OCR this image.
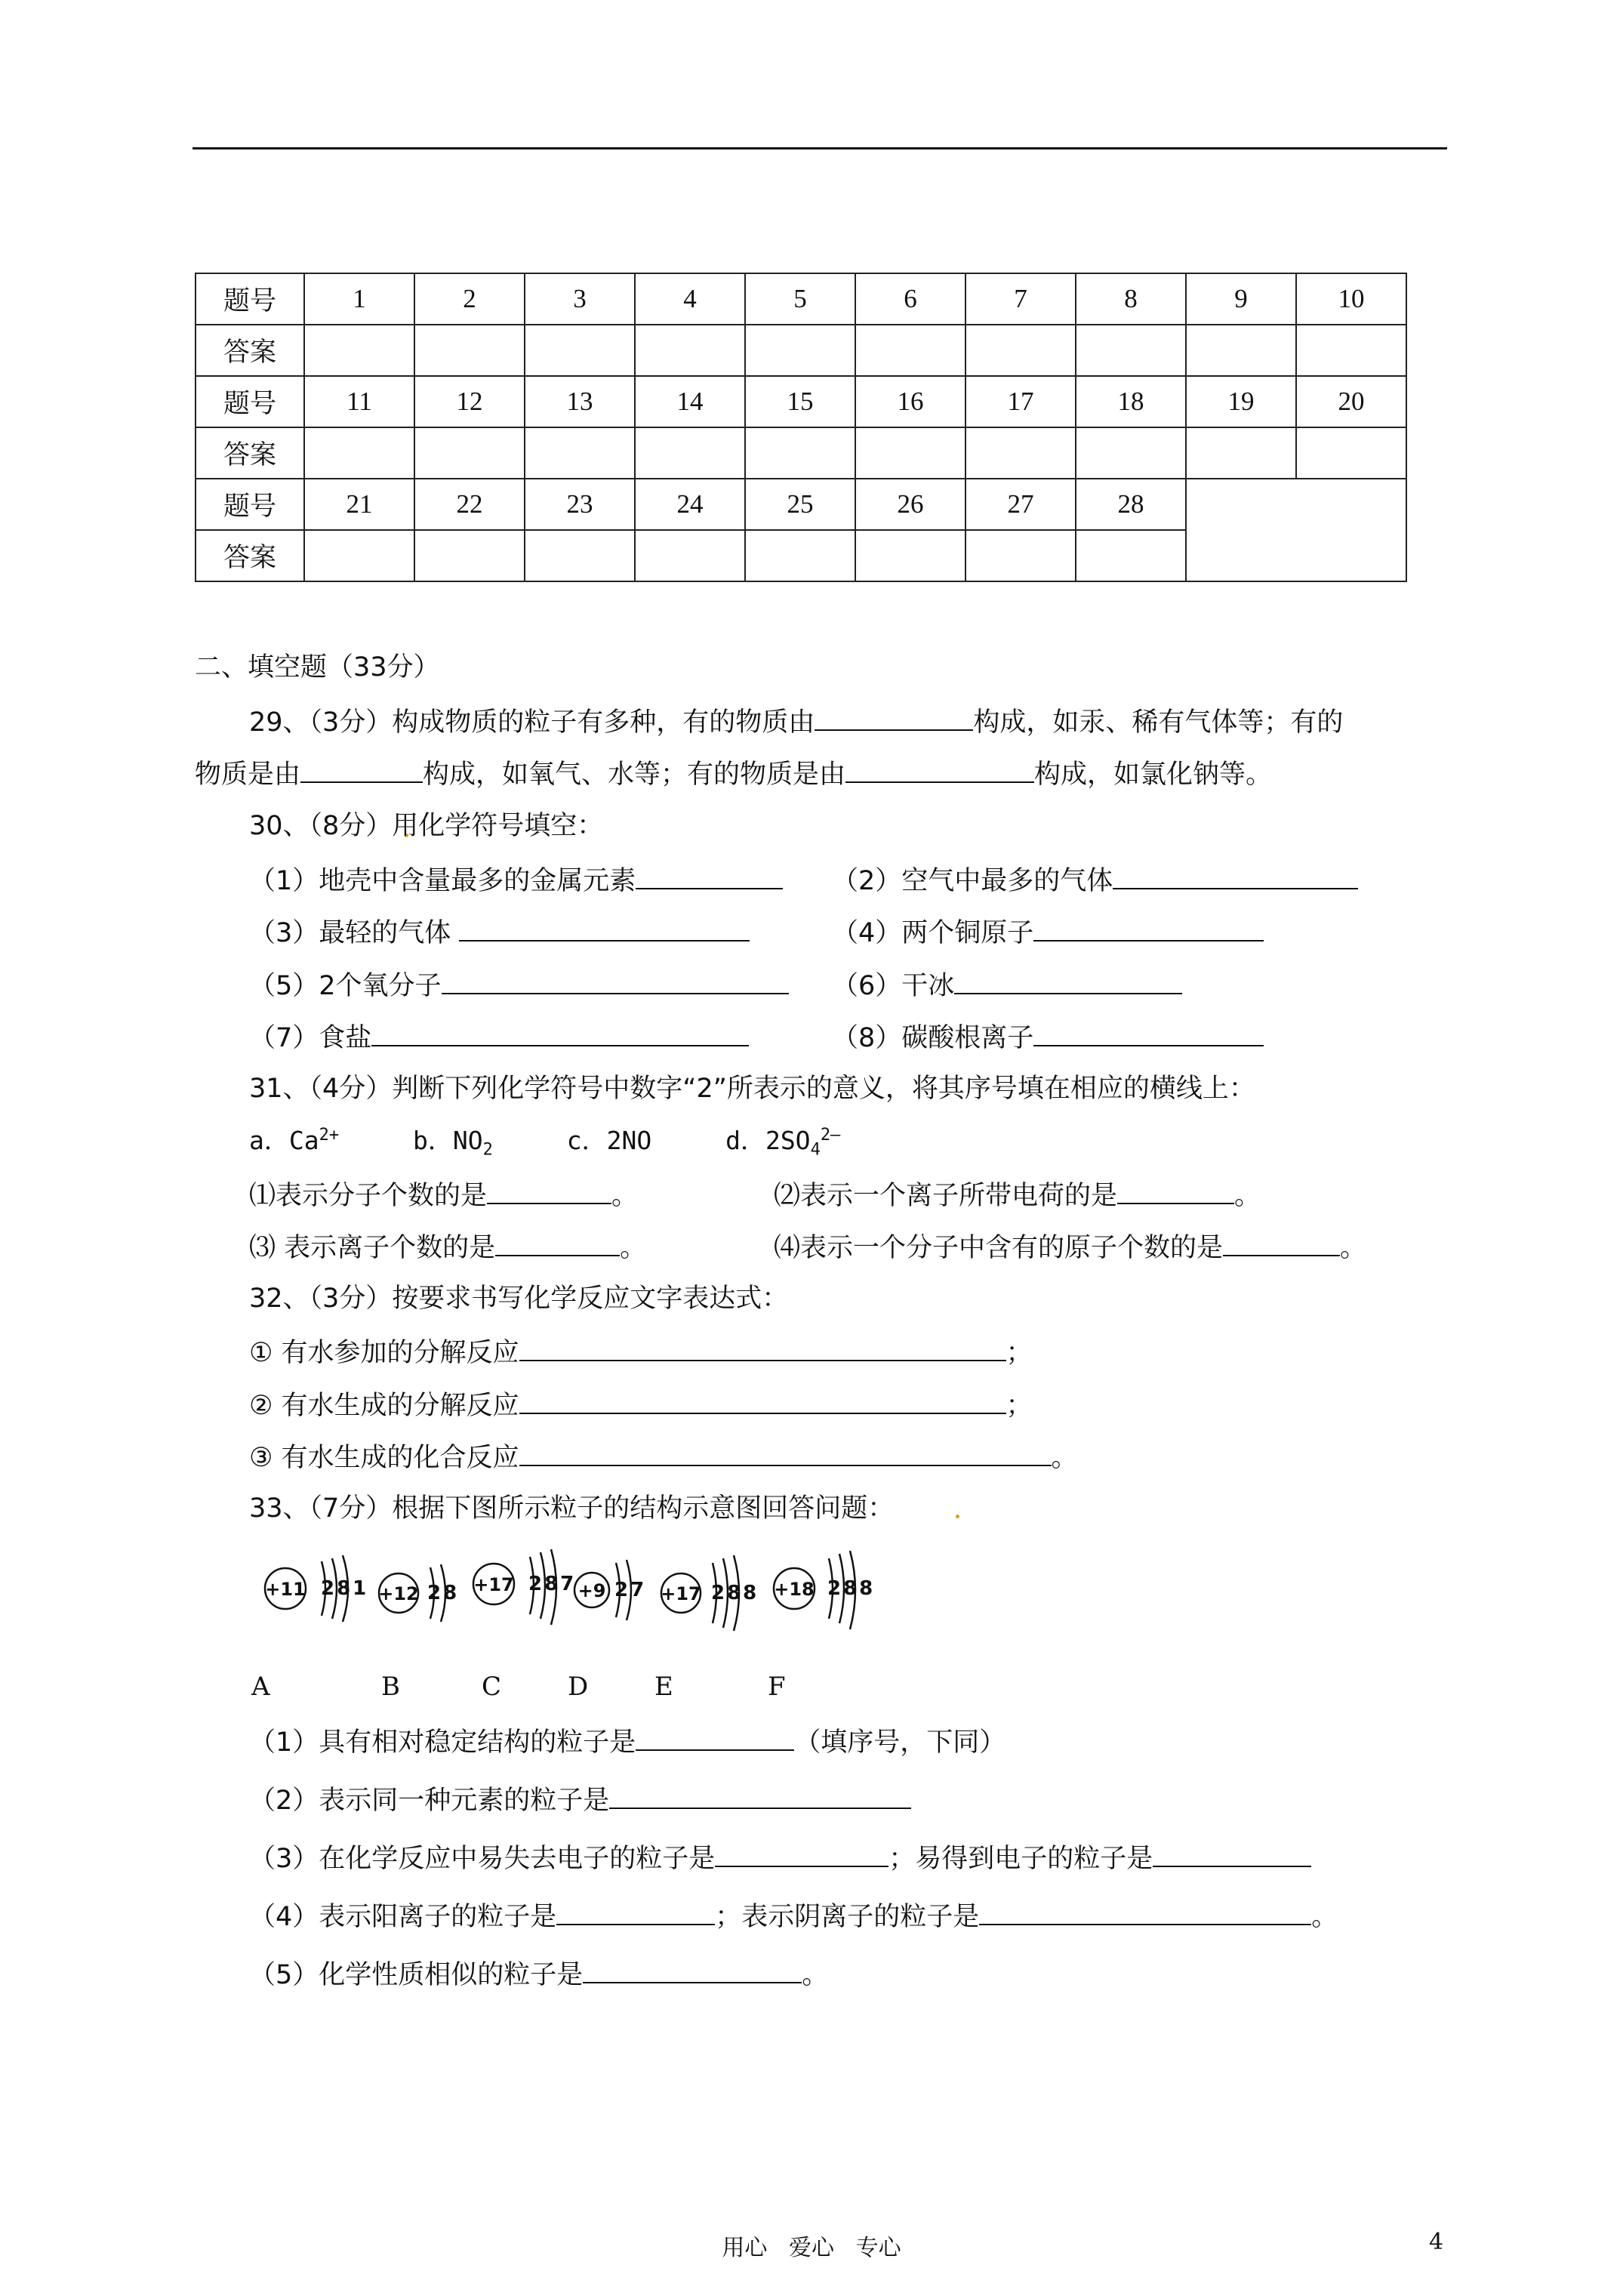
题号	1	2	3	4	5	6	7	8	9	10
答案										
题号	11	12	13	14	15	16	17	18	19	20
答案										
题号	21	22	23	24	25	26	27	28		
答案										
二、填空题（33分）
29、（3分）构成物质的粒子有多种，有的物质由	构成，如汞、稀有气体等；有的
物质是由	构成，如氧气、水等；有的物质是由	构成，如氯化钠等。
30、（8分）用化学符号填空：
（1）地壳中含量最多的金属元素	（2）空气中最多的气体
（3）最轻的气体	（4）两个铜原子
（5）2个氧分子	（6）干冰
（7）食盐	（8）碳酸根离子
31、（4分）判断下列化学符号中数字“2”所表示的意义，将其序号填在相应的横线上：
a．$Ca^{2+}$	b．$NO_2$	c．2NO	d．$2SO_4^{2—}$
⑴表示分子个数的是	。	⑵表示一个离子所带电荷的是	。
⑶ 表示离子个数的是	。	⑷表示一个分子中含有的原子个数的是	。
32、（3分）按要求书写化学反应文字表达式：
① 有水参加的分解反应	；
② 有水生成的分解反应	；
③ 有水生成的化合反应	。
33、（7分）根据下图所示粒子的结构示意图回答问题：
+11	+12	+17	+9	+17	+18
281	28	287 27	288	288
A	B	C	D	E	F
（1）具有相对稳定结构的粒子是	（填序号，下同）
（2）表示同一种元素的粒子是
（3）在化学反应中易失去电子的粒子是	；易得到电子的粒子是
（4）表示阳离子的粒子是	；表示阴离子的粒子是	。
（5）化学性质相似的粒子是	。
用心   爱心   专心	4
